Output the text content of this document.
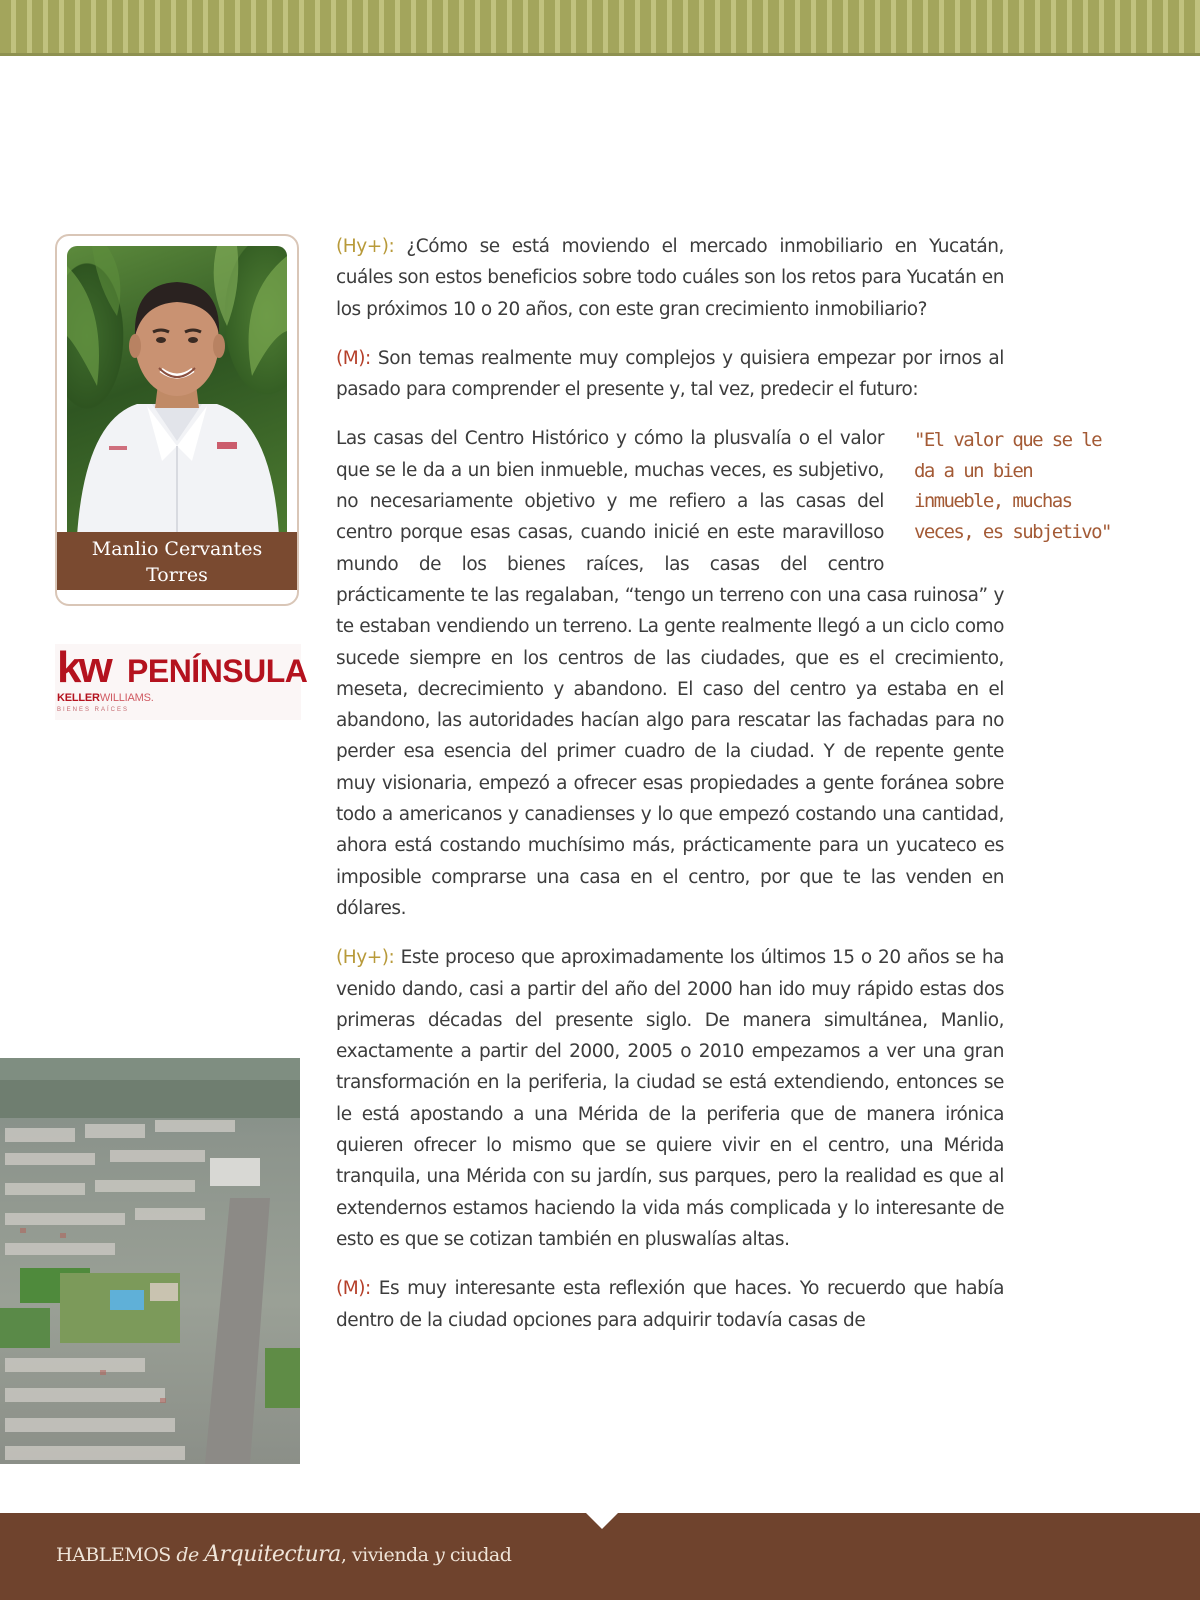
Manlio Cervantes
Torres
kw PENÍNSULA
KELLERWILLIAMS.
BIENES RAÍCES

(Hy+): ¿Cómo se está moviendo el mercado inmobiliario en Yucatán, cuáles son estos beneficios sobre todo cuáles son los retos para Yucatán en los próximos 10 o 20 años, con este gran crecimiento inmobiliario?

(M): Son temas realmente muy complejos y quisiera empezar por irnos al pasado para comprender el presente y, tal vez, predecir el futuro:

"El valor que se le da a un bien inmueble, muchas veces, es subjetivo"
Las casas del Centro Histórico y cómo la plusvalía o el valor que se le da a un bien inmueble, muchas veces, es subjetivo, no necesariamente objetivo y me refiero a las casas del centro porque esas casas, cuando inicié en este maravilloso mundo de los bienes raíces, las casas del centro prácticamente te las regalaban, “tengo un terreno con una casa ruinosa” y te estaban vendiendo un terreno. La gente realmente llegó a un ciclo como sucede siempre en los centros de las ciudades, que es el crecimiento, meseta, decrecimiento y abandono. El caso del centro ya estaba en el abandono, las autoridades hacían algo para rescatar las fachadas para no perder esa esencia del primer cuadro de la ciudad. Y de repente gente muy visionaria, empezó a ofrecer esas propiedades a gente foránea sobre todo a americanos y canadienses y lo que empezó costando una cantidad, ahora está costando muchísimo más, prácticamente para un yucateco es imposible comprarse una casa en el centro, por que te las venden en dólares.

(Hy+): Este proceso que aproximadamente los últimos 15 o 20 años se ha venido dando, casi a partir del año del 2000 han ido muy rápido estas dos primeras décadas del presente siglo. De manera simultánea, Manlio, exactamente a partir del 2000, 2005 o 2010 empezamos a ver una gran transformación en la periferia, la ciudad se está extendiendo, entonces se le está apostando a una Mérida de la periferia que de manera irónica quieren ofrecer lo mismo que se quiere vivir en el centro, una Mérida tranquila, una Mérida con su jardín, sus parques, pero la realidad es que al extendernos estamos haciendo la vida más complicada y lo interesante de esto es que se cotizan también en pluswalías altas.

(M): Es muy interesante esta reflexión que haces. Yo recuerdo que había dentro de la ciudad opciones para adquirir todavía casas de

HABLEMOS de Arquitectura, vivienda y ciudad
